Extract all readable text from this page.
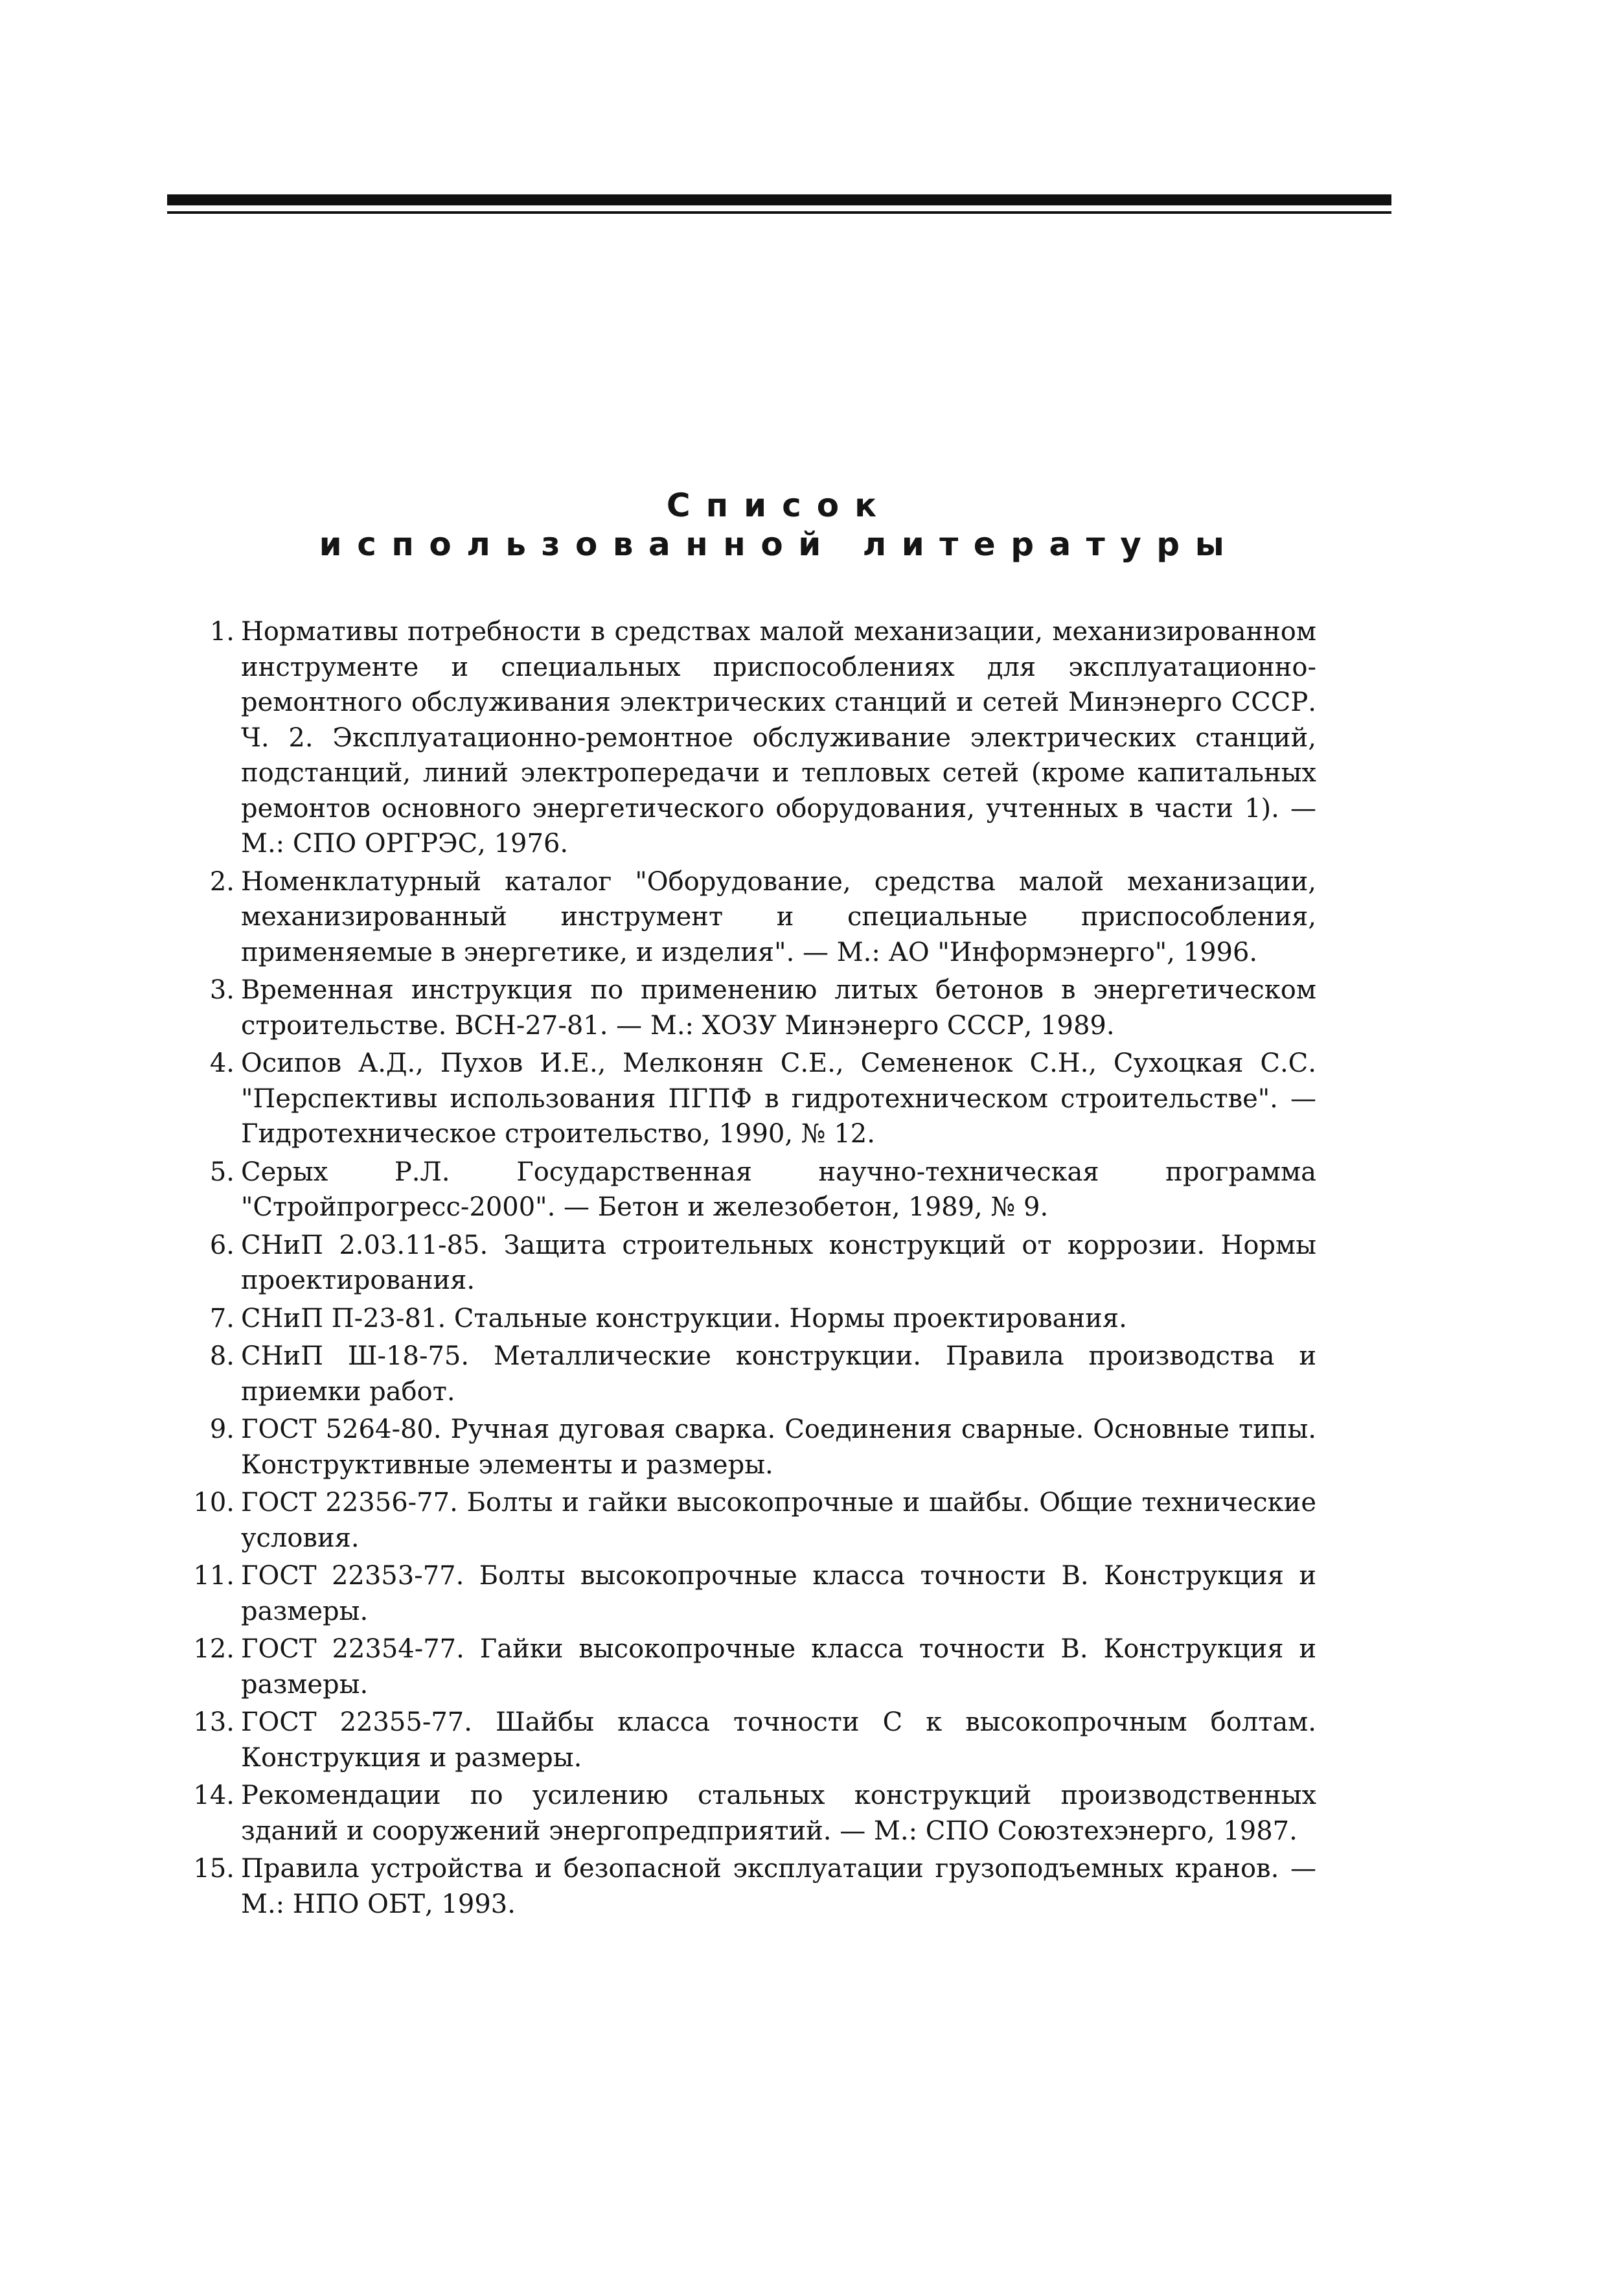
Список
использованной литературы
1. Нормативы потребности в средствах малой механизации, механизированном инструменте и специальных приспособлениях для эксплуатационно-ремонтного обслуживания электрических станций и сетей Минэнерго СССР. Ч. 2. Эксплуатационно-ремонтное обслуживание электрических станций, подстанций, линий электропередачи и тепловых сетей (кроме капитальных ремонтов основного энергетического оборудования, учтенных в части 1). — М.: СПО ОРГРЭС, 1976.
2. Номенклатурный каталог "Оборудование, средства малой механизации, механизированный инструмент и специальные приспособления, применяемые в энергетике, и изделия". — М.: АО "Информэнерго", 1996.
3. Временная инструкция по применению литых бетонов в энергетическом строительстве. ВСН-27-81. — М.: ХОЗУ Минэнерго СССР, 1989.
4. Осипов А.Д., Пухов И.Е., Мелконян С.Е., Семененок С.Н., Сухоцкая С.С. "Перспективы использования ПГПФ в гидротехническом строительстве". — Гидротехническое строительство, 1990, № 12.
5. Серых Р.Л. Государственная научно-техническая программа "Стройпрогресс-2000". — Бетон и железобетон, 1989, № 9.
6. СНиП 2.03.11-85. Защита строительных конструкций от коррозии. Нормы проектирования.
7. СНиП П-23-81. Стальные конструкции. Нормы проектирования.
8. СНиП Ш-18-75. Металлические конструкции. Правила производства и приемки работ.
9. ГОСТ 5264-80. Ручная дуговая сварка. Соединения сварные. Основные типы. Конструктивные элементы и размеры.
10. ГОСТ 22356-77. Болты и гайки высокопрочные и шайбы. Общие технические условия.
11. ГОСТ 22353-77. Болты высокопрочные класса точности В. Конструкция и размеры.
12. ГОСТ 22354-77. Гайки высокопрочные класса точности В. Конструкция и размеры.
13. ГОСТ 22355-77. Шайбы класса точности С к высокопрочным болтам. Конструкция и размеры.
14. Рекомендации по усилению стальных конструкций производственных зданий и сооружений энергопредприятий. — М.: СПО Союзтехэнерго, 1987.
15. Правила устройства и безопасной эксплуатации грузоподъемных кранов. — М.: НПО ОБТ, 1993.
